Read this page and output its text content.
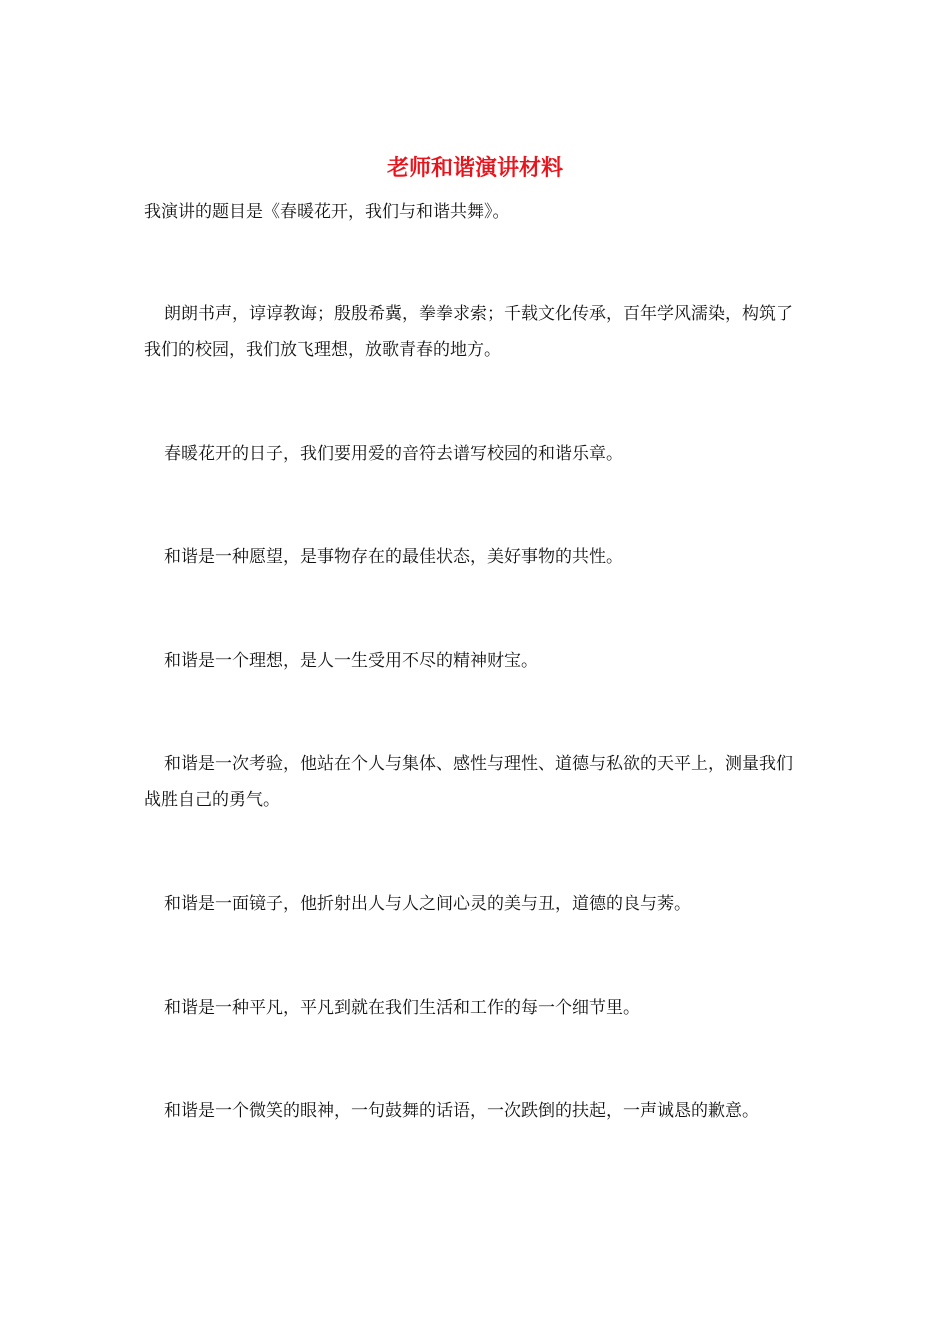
老师和谐演讲材料

我演讲的题目是《春暖花开，我们与和谐共舞》。

朗朗书声，谆谆教诲；殷殷希冀，拳拳求索；千载文化传承，百年学风濡染，构筑了我们的校园，我们放飞理想，放歌青春的地方。

春暖花开的日子，我们要用爱的音符去谱写校园的和谐乐章。

和谐是一种愿望，是事物存在的最佳状态，美好事物的共性。

和谐是一个理想，是人一生受用不尽的精神财宝。

和谐是一次考验，他站在个人与集体、感性与理性、道德与私欲的天平上，测量我们战胜自己的勇气。

和谐是一面镜子，他折射出人与人之间心灵的美与丑，道德的良与莠。

和谐是一种平凡，平凡到就在我们生活和工作的每一个细节里。

和谐是一个微笑的眼神，一句鼓舞的话语，一次跌倒的扶起，一声诚恳的歉意。
